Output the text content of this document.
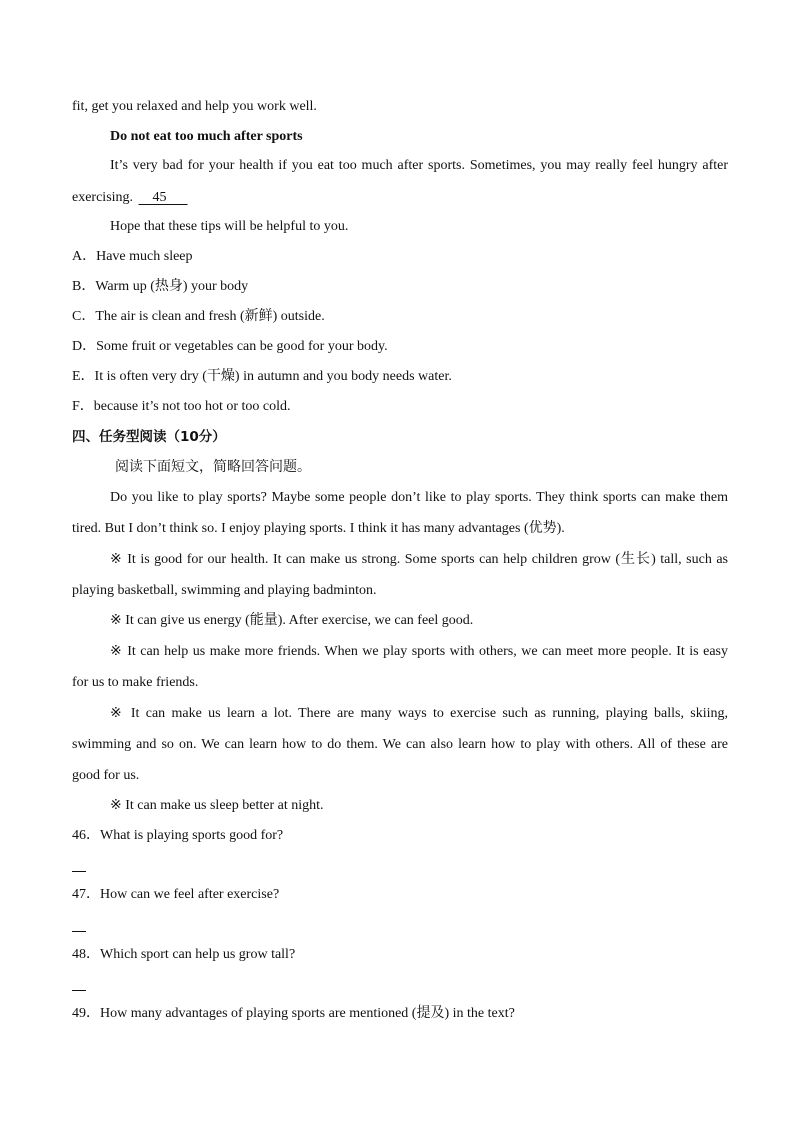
fit, get you relaxed and help you work well.
Do not eat too much after sports
It’s very bad for your health if you eat too much after sports. Sometimes, you may really feel hungry after
exercising. 45
Hope that these tips will be helpful to you.
A．Have much sleep
B．Warm up (热身) your body
C．The air is clean and fresh (新鲜) outside.
D．Some fruit or vegetables can be good for your body.
E．It is often very dry (干燥) in autumn and you body needs water.
F．because it’s not too hot or too cold.
四、任务型阅读（10分）
阅读下面短文，简略回答问题。
Do you like to play sports? Maybe some people don’t like to play sports. They think sports can make them
tired. But I don’t think so. I enjoy playing sports. I think it has many advantages (优势).
※ It is good for our health. It can make us strong. Some sports can help children grow (生长) tall, such as
playing basketball, swimming and playing badminton.
※ It can give us energy (能量). After exercise, we can feel good.
※ It can help us make more friends. When we play sports with others, we can meet more people. It is easy
for us to make friends.
※ It can make us learn a lot. There are many ways to exercise such as running, playing balls, skiing,
swimming and so on. We can learn how to do them. We can also learn how to play with others. All of these are
good for us.
※ It can make us sleep better at night.
46．What is playing sports good for?
47．How can we feel after exercise?
48．Which sport can help us grow tall?
49．How many advantages of playing sports are mentioned (提及) in the text?
